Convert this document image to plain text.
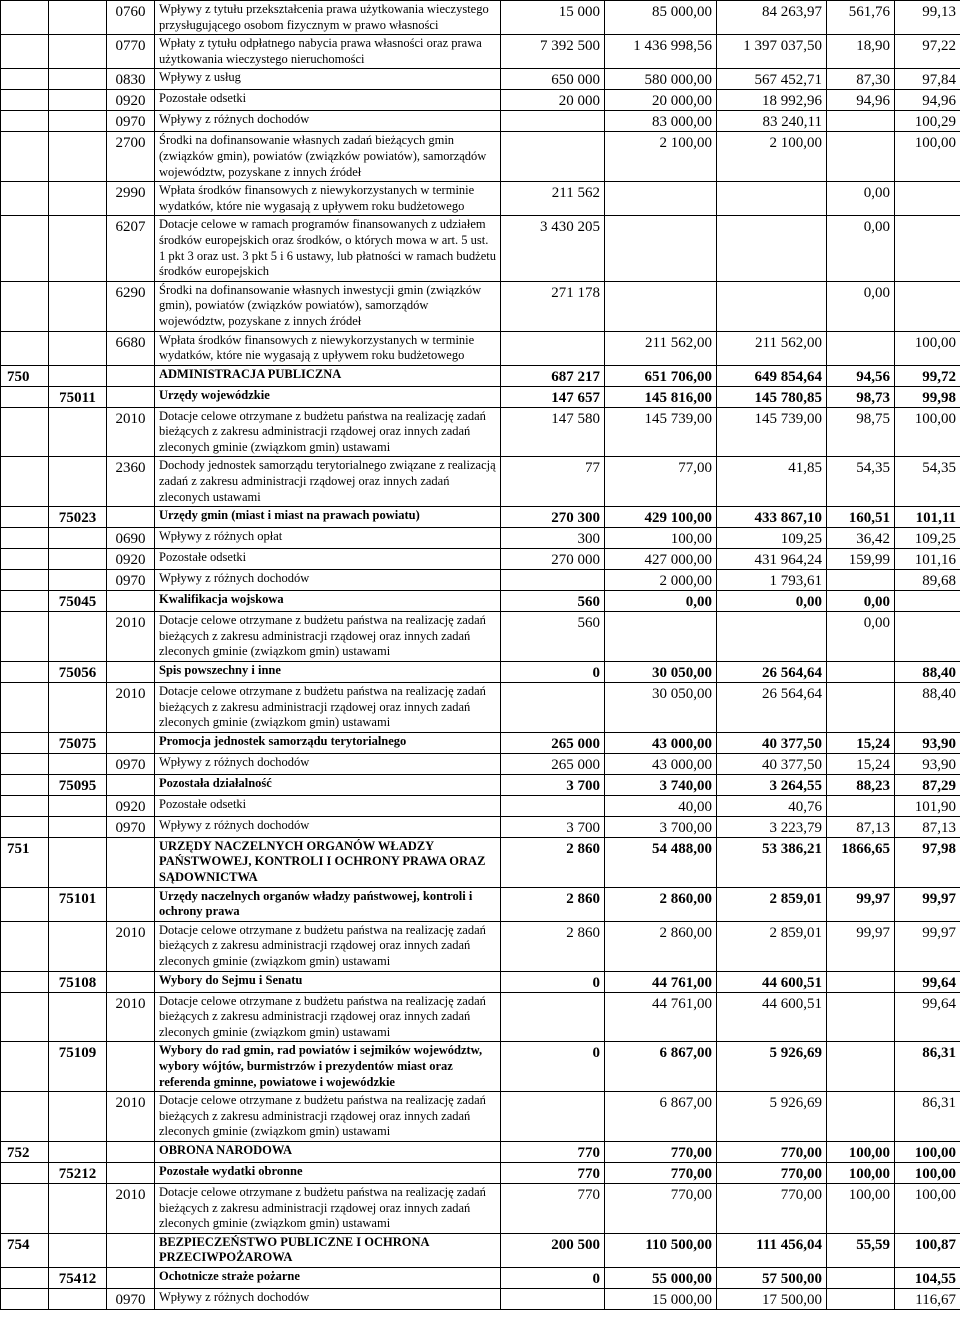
		0760	Wpływy z tytułu przekształcenia prawa użytkowania wieczystego przysługującego osobom fizycznym w prawo własności	15 000	85 000,00	84 263,97	561,76	99,13
		0770	Wpłaty z tytułu odpłatnego nabycia prawa własności oraz prawa użytkowania wieczystego nieruchomości	7 392 500	1 436 998,56	1 397 037,50	18,90	97,22
		0830	Wpływy z usług	650 000	580 000,00	567 452,71	87,30	97,84
		0920	Pozostałe odsetki	20 000	20 000,00	18 992,96	94,96	94,96
		0970	Wpływy z różnych dochodów		83 000,00	83 240,11		100,29
		2700	Środki na dofinansowanie własnych zadań bieżących gmin (związków gmin), powiatów (związków powiatów), samorządów województw, pozyskane z innych źródeł		2 100,00	2 100,00		100,00
		2990	Wpłata środków finansowych z niewykorzystanych w terminie wydatków, które nie wygasają z upływem roku budżetowego	211 562			0,00	
		6207	Dotacje celowe w ramach programów finansowanych z udziałem środków europejskich oraz środków, o których mowa w art. 5 ust. 1 pkt 3 oraz ust. 3 pkt 5 i 6 ustawy, lub płatności w ramach budżetu środków europejskich	3 430 205			0,00	
		6290	Środki na dofinansowanie własnych inwestycji gmin (związków gmin), powiatów (związków powiatów), samorządów województw, pozyskane z innych źródeł	271 178			0,00	
		6680	Wpłata środków finansowych z niewykorzystanych w terminie wydatków, które nie wygasają z upływem roku budżetowego		211 562,00	211 562,00		100,00
750			ADMINISTRACJA PUBLICZNA	687 217	651 706,00	649 854,64	94,56	99,72
	75011		Urzędy wojewódzkie	147 657	145 816,00	145 780,85	98,73	99,98
		2010	Dotacje celowe otrzymane z budżetu państwa na realizację zadań bieżących z zakresu administracji rządowej oraz innych zadań zleconych gminie (związkom gmin) ustawami	147 580	145 739,00	145 739,00	98,75	100,00
		2360	Dochody jednostek samorządu terytorialnego związane z realizacją zadań z zakresu administracji rządowej oraz innych zadań zleconych ustawami	77	77,00	41,85	54,35	54,35
	75023		Urzędy gmin (miast i miast na prawach powiatu)	270 300	429 100,00	433 867,10	160,51	101,11
		0690	Wpływy z różnych opłat	300	100,00	109,25	36,42	109,25
		0920	Pozostałe odsetki	270 000	427 000,00	431 964,24	159,99	101,16
		0970	Wpływy z różnych dochodów		2 000,00	1 793,61		89,68
	75045		Kwalifikacja wojskowa	560	0,00	0,00	0,00	
		2010	Dotacje celowe otrzymane z budżetu państwa na realizację zadań bieżących z zakresu administracji rządowej oraz innych zadań zleconych gminie (związkom gmin) ustawami	560			0,00	
	75056		Spis powszechny i inne	0	30 050,00	26 564,64		88,40
		2010	Dotacje celowe otrzymane z budżetu państwa na realizację zadań bieżących z zakresu administracji rządowej oraz innych zadań zleconych gminie (związkom gmin) ustawami		30 050,00	26 564,64		88,40
	75075		Promocja jednostek samorządu terytorialnego	265 000	43 000,00	40 377,50	15,24	93,90
		0970	Wpływy z różnych dochodów	265 000	43 000,00	40 377,50	15,24	93,90
	75095		Pozostała działalność	3 700	3 740,00	3 264,55	88,23	87,29
		0920	Pozostałe odsetki		40,00	40,76		101,90
		0970	Wpływy z różnych dochodów	3 700	3 700,00	3 223,79	87,13	87,13
751			URZĘDY NACZELNYCH ORGANÓW WŁADZY PAŃSTWOWEJ, KONTROLI I OCHRONY PRAWA ORAZ SĄDOWNICTWA	2 860	54 488,00	53 386,21	1866,65	97,98
	75101		Urzędy naczelnych organów władzy państwowej, kontroli i ochrony prawa	2 860	2 860,00	2 859,01	99,97	99,97
		2010	Dotacje celowe otrzymane z budżetu państwa na realizację zadań bieżących z zakresu administracji rządowej oraz innych zadań zleconych gminie (związkom gmin) ustawami	2 860	2 860,00	2 859,01	99,97	99,97
	75108		Wybory do Sejmu i Senatu	0	44 761,00	44 600,51		99,64
		2010	Dotacje celowe otrzymane z budżetu państwa na realizację zadań bieżących z zakresu administracji rządowej oraz innych zadań zleconych gminie (związkom gmin) ustawami		44 761,00	44 600,51		99,64
	75109		Wybory do rad gmin, rad powiatów i sejmików województw, wybory wójtów, burmistrzów i prezydentów miast oraz referenda gminne, powiatowe i wojewódzkie	0	6 867,00	5 926,69		86,31
		2010	Dotacje celowe otrzymane z budżetu państwa na realizację zadań bieżących z zakresu administracji rządowej oraz innych zadań zleconych gminie (związkom gmin) ustawami		6 867,00	5 926,69		86,31
752			OBRONA NARODOWA	770	770,00	770,00	100,00	100,00
	75212		Pozostałe wydatki obronne	770	770,00	770,00	100,00	100,00
		2010	Dotacje celowe otrzymane z budżetu państwa na realizację zadań bieżących z zakresu administracji rządowej oraz innych zadań zleconych gminie (związkom gmin) ustawami	770	770,00	770,00	100,00	100,00
754			BEZPIECZEŃSTWO PUBLICZNE I OCHRONA PRZECIWPOŻAROWA	200 500	110 500,00	111 456,04	55,59	100,87
	75412		Ochotnicze straże pożarne	0	55 000,00	57 500,00		104,55
		0970	Wpływy z różnych dochodów		15 000,00	17 500,00		116,67
